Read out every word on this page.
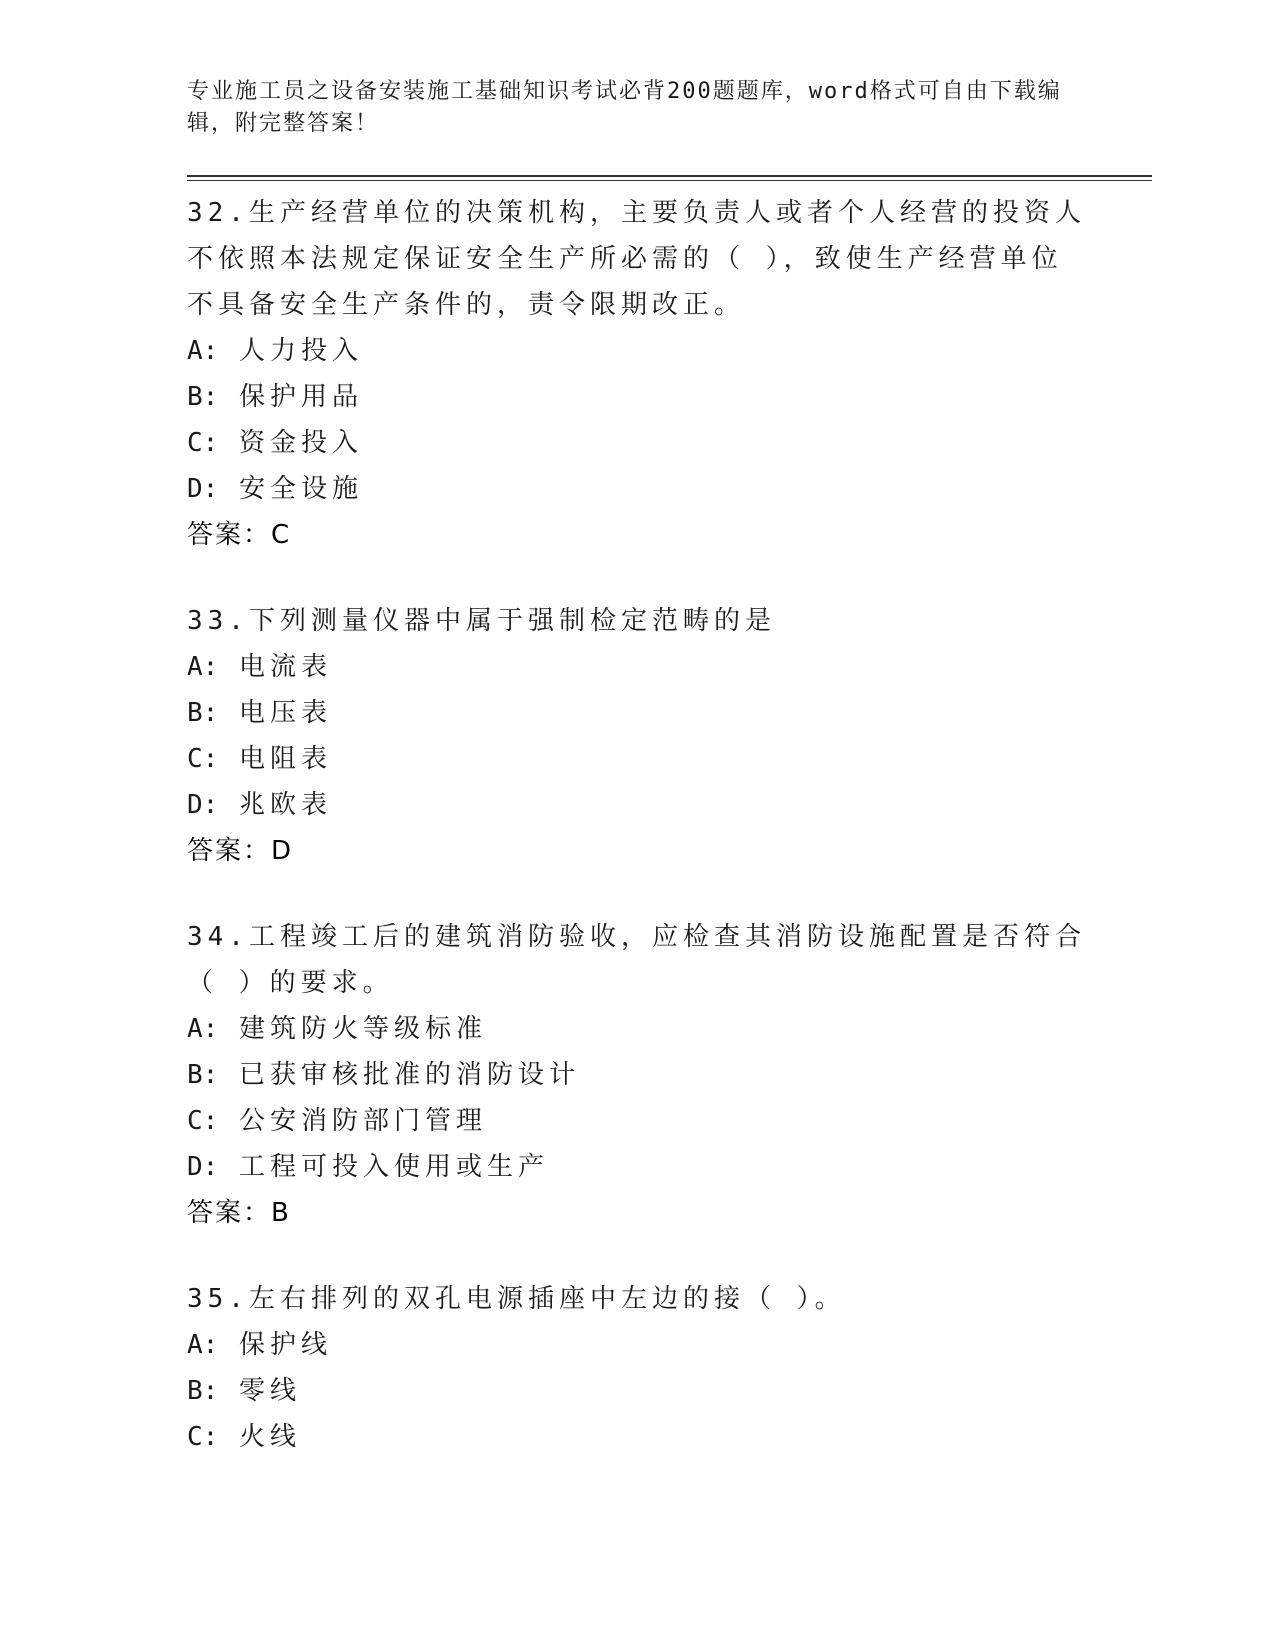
专业施工员之设备安装施工基础知识考试必背200题题库，word格式可自由下载编辑，附完整答案！
32.生产经营单位的决策机构，主要负责人或者个人经营的投资人不依照本法规定保证安全生产所必需的（ ），致使生产经营单位不具备安全生产条件的，责令限期改正。
A: 人力投入
B: 保护用品
C: 资金投入
D: 安全设施
答案：C
33.下列测量仪器中属于强制检定范畴的是
A: 电流表
B: 电压表
C: 电阻表
D: 兆欧表
答案：D
34.工程竣工后的建筑消防验收，应检查其消防设施配置是否符合（ ）的要求。
A: 建筑防火等级标准
B: 已获审核批准的消防设计
C: 公安消防部门管理
D: 工程可投入使用或生产
答案：B
35.左右排列的双孔电源插座中左边的接（ ）。
A: 保护线
B: 零线
C: 火线
